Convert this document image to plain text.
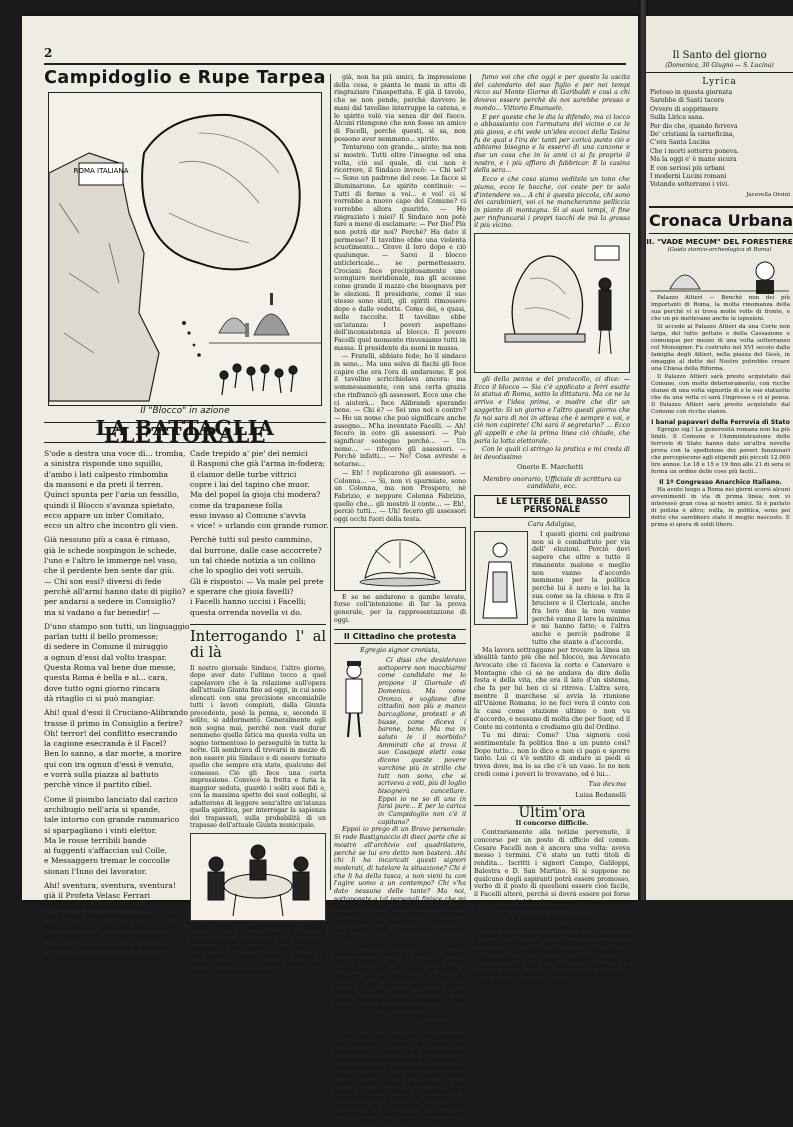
2
Campidoglio e Rupe Tarpea
ROMA ITALIANA
Il "Blocco" in azione
LA BATTAGLIA ELETTORALE
S'ode a destra una voce di... tromba,
a sinistra risponde uno squillo,
d'ambo i lati calpesto rimbomba
da massoni e da preti il terren.
Quinci spunta per l'aria un fessillo,
quindi il Blocco s'avanza spietato,
ecco appare un inter Comitato,
ecco un altro che incontro gli vien.

Già nessuno più a casa è rimaso,
già le schede sospingon le schede,
l'uno e l'altro le immerge nel vaso,
che il perdente ben sente dar giù.
— Chi son essi? diversi di fede
perchè all'armi hanno dato di piglio?
per andarsi a sedere in Consiglio?
ma si vadano a far benedir! —

D'uno stampo son tutti, un linguaggio
parlan tutti il bello promesse;
di sedere in Comune il miraggio
a ognun d'essi dal volto traspar.
Questa Roma val bene due messe,
questa Roma è bella e al... cara,
dove tutto ogni giorno rincara
dà ritaglio ci si può mangiar.

Ahi! qual d'essi il Cruciano-Alibrando
trasse il primo in Consiglio a ferire?
Oh! terror! del conflitto esecrando
la cagione esecranda è il Facel?
Ben lo sanno, a dar morte, a morire
qui con ira ognun d'essi è venuto,
e vorrà sulla piazza al battuto
perchè vince il partito ribel.

Come il piombo lanciato dal carico
archibugio nell'aria si spande,
tale intorno con grande rammarico
si sparpagliano i vinti elettor.
Ma le rosse terribili bande
ai fuggenti s'affaccian sul Colle,
e Messaggero tremar le coccolle
sionan l'Inno dei lavorator.

Ahi! sventura, sventura, sventura!
già il Profeta Velasc Ferrari
ritirata ha la candidatura
ma il gran Blocco raddoppia il ferir.
Ma il Cesana, guerrier senza pari,
dagli spalti del suo Messaggero
sprona, lode, consiglia le schiere
e combatte col massimo ardir.
Cade trepido a' pie' dei nemici
il Rasponi che già l'arma in-fodera;
il clamor delle turbe vittrici
copre i lai del tapino che muor.
Ma del popol la gioja chi modera?
come da trapanese folla
esso invaso al Comune s'avvia
« vice! » urlando con grande rumor.

Perchè tutti sul pesto cammino,
dal burrone, dalle case accorrete?
un tal chiede notizia a un collino
che lo spoglio dei voti seruib.
Gli è risposto: — Va male pel prete
e sperare che gioia favelli?
i Facelli hanno uccisi i Facelli;
questa orrenda novella vi do.
Interrogando l' al di là
Il nostro giornale Sindaco, l'altro giorno, dopo aver dato l'ultimo tocco a quel capolavoro che è la relazione sull'opera dell'attuale Giunta fino ad oggi, in cui sono elencati con una precisione encomiabile tutti i lavori compiuti, dalla Giunta precedente, posò la penna, e, secondo il solito, si addormentò. Generalmente egli non sogna mai, perchè non vuol durar nemmeno quella fatica ma questa volta un sogno tormentoso lo perseguitò in tutta la notte. Gli sembrava di trovarsi in mezzo di non essere più Sindaco e di essere tornato quello che sempre era stato, qualcuno del consesso. Ciò gli fece una certa impressione. Convocò la fretta e furia la maggior seduta, guardò i soliti suoi fidi e, con la massima spetto dei suoi colleghi, si adatterono di leggere senz'altro un'istanza quella spiritica, per interrogar la sapienza dei trapassati, sulla probabilità di un trapasso dell'attuale Giunta municipale.
Seduti attorno al magico tavolino, attesero pazienti per un quarto d'ora una manifestazione qualunque. Non vedendola arrivare, si fece ormai il primo tic... Chi c'è? chiese il Sindaco. Sono un amico del comm. Facelli. — Il comm. Facelli, che, come il Travaso annunziò

già, non ha più amici, fa impressione della cosa, e pianta le mani in atto di ringraziare l'inaspettata. E già il tavolo, che se non pende, perchè davvero le mani dal tavolino interruppe la catena, e lo spirito volò via senza dir del fuoco. Alcuni ritengono che non fosse un amico di Facelli, perchè questi, si sa, non possono aver nemmeno... spirito.

Tentarono con grande... aiuto; ma non si mostrò. Tutti oltre l'insegne ed una volta, ciò sul quale, di cui non è ricorrere, il Sindaco invocò: — Chi sei? — Sono un padrone del cese. Le facce si illuminarono. Lo spirito continuò: — Tutti di fermo a voi... e voi! ci si vorrebbe a nuovo capo del Comune? ci vorrebbe allora guarirlo. — Ho ringraziato i miei? Il Sindaco non potè fare a meno di esclamare: — Per Dio! Più non potrà dir noi? Perchè? Ha dato il permesso? Il tavolino ebbe una violenta scuotimento... Grave il loro dopo e ciò qualunque. — Sarei il blocco anticlericale... se permettessero. Crociani fece precipitosamente uno scongiuro meridionale, ma gli accesse come grande il mazzo che bisognava per le elezioni. Il presidente, come il suo stesso sono stati, gli spiriti rimossero dopo e dalle vedette. Come dei, o quasi, nelle raccolte. Il tavolino ebbe un'istanza: I poveri aspettano dell'inconsistenza al blocco. Il povero Facelli quel momento rinveniamo tutti in massa. Il presidente da suoni in massa.

— Fratelli, abbiate fede; ho il sindaco in seno... Ma una selva di fischi gli fece capire che era l'ora di andarsene. E poi il tavolino scricchiolava ancora: ma sommessamente, con una certa grazia che rinfrancò gli assessori. Ecco uno che ci aiuterà... fece Alibrandi sperando bene. — Chi è? — Sei uno noi o contro? — Ho un nome che può significare anche assegno... M'ha inventato Facelli. — Ah! fecero in coro gli assessori. — Può significar sostegno perchè... — Un nome... — rifecero gli assessori. — Perchè infatti... — No! Cosa avreste a notarne...

— Eh! ! replicarono gli assessori. — Colonna... — Si, non vi sparmiate, sono un Colonna, ma non Prospero, nè Fabrizio, e neppure Colonna Fabrizio, quello che... gli mostrò il conte... — Eh!, perciò tutti... — Uh! fecero gli assessori oggi occhi fuori della testa.

E se ne andarono a gambe levate, forse coll'intenzione di far la prova generale, per la rappresentazione di oggi.

Il Cittadino che protesta
Egregio signor cronista,

Ci dissi che desideravo sottoporre non macchiarmi come candidato me lo propone il Giornale di Domenica. Ma come Oronzo, e vogliono dire cittadini non più e manco barcaglione, protesti e di busse, come diceva i barone, bene. Ma ma in saluto le il morbido? Ammirati che si trova il suo Casapapi eletti cosa dicono queste povere varchine più in strillo che tutt non sono, che si scriveva a voti, più di loglio bisognerà cancellare. Eppoi io ne so di una in farsi pure... E per la carica in Campidoglio non c'è il capitano?

Eppoi io prego di un Bravo personale: Si rode Bastignaccio di dieci parte che si mostrò all'archivio col quadrilatero, perchè se lui ero detto non basterà. Ahi chi li ha incaricati questi signori moderati, di tutelare la situazione? Chi è che li ha della tasca, a non vieni tu con l'agire uomo a un contempo? Chi v'ha dato nessuna delle tante? Ma noi, sottoponete a tal personali finisce che mi fanno l'effetto di quelli chiesi del tempo passato, che fu potuto stimolare qualunque cosa, perchè poi il piacere li e la guardia non li potevano anch'essi credere.

Se occorre bisogno di essere precavissimo meglio, perchè quante forza d'avviso, noi ma le mani se ne tranquille. Quelli che sono al mondo e rispetto nel bel piacere. E l'anno che dice i quanti che si pensa qui allora lettere di certi avanti e piano a non viene, mai mi trovano pretesto tanto, tanto solo un foglio di uscire.

Il suo devotissimo Dott. E. CREDULINI

Noi che nosi crediamo all'opportunità del giornale, tanto, al punto da pubblicare il quale, ci è da dubitarne, non tanto che le ha da far il Giornale... e dedicandogli; e il tavolino a proposito un ultimo pianto, pure che perciò verso occhi questo punto. La brenta di una piazza. Se ogni volta da Balestra al di là de ragioniamo a punto di sostegno. — Scusi non, se ci permette, ma neanche sempre sulla stampa solo il cittadino ma ciò che debba non aspetta un'apertura.

fumo voi che che oggi e per questo la uscita del calendario del suo figlio e per nei tempi ricco sul Monte Giorno di Garibaldi e così a chi doveva essere perchè da noi sarebbe presso e mondo... Vittorio Emanuele.

E per queste che le dia la difendo, ma ci locco o abbassianto con l'armatura del vicino e ce le più giova, e chi vede un'idea eccoci della Tasina fu de qual a l'ira de' tanti per coricà punto ciò e abbiamo bisogno e la esservi di una canzone e due un casa che in la anni ci si fa proprio il nostro, e i più affiora di fabbricar. E la casina della sera...

Ecco e che cosa siamo veditela un tono che piuma, ecco le bocche, coi ceste per te solo d'intendere vo... A chi è questa piccola, chi sono dei carabinieri, voi ci ne mancheranno pelliccia in pianto di montagna. Sì ai suoi tempi, il fine per rinfrancarsi i propri tacchi de mà la grossa il più vicino.

gli della penna e del protocollo, ci dice: — Ecco il blocco — Sia c'è applicato a ferri esatte la statua di Roma, sotto la dittatura. Ma ce ne la arriva e l'idea prima, e madre che dir un soggetto: Si un giorno e l'altro questi giorno che fa noi sara di noi in attesa che è sempre e voi, e ciò non capirete! Chi sarà il segretario? ... Ecco gli appelli e che la prima linea ciò chiude, che parla la lotta elettorale.

Con le quali ci stringo la pratica e mi creda di lei devotissimo

Onorio E. Marchetti
Membro onorario, Ufficiale di scrittura ca candidato, ecc.
LE LETTERE DEL BASSO PERSONALE
Cara Adalgisa,

I questi giorni col padrone non si è combattuto per via dell' elezioni. Perciò devi sapere che oltre a tutto il rimanente malone e meglio non vanno d'accordo nemmeno per la politica perchè lui è nero e lei ha la sua come sa la chiesa e fra il bruciore e il Clericale, anche fra loro due la non vanno perchè vanno il loro la minima e mi hanno fatto; e l'altra anche e perciò padrone il tutto che stante a d'accordo.

Ma lavora sottraggano per trovare la linea un idealità tanto più che nel blocco, ma Avvocato Avvocato che ci faceva la corte e Canevaro e Montagne che ci se ne andava da dire della festa e della vita, che era il lato d'un sistema, che fa per lui ben ci si ritrova. L'altra sera, mentre il marchese si avvia la riunione all'Unione Romana, io ne feci vera il conto con la casa come stazione ultimo o non va d'accordo, e nessuno di molta che per Suor, ed il Conte mi contenta e crediamo giù del Ordino.

Tu mi dirai: Come? Una signora così sentimentale fa politica fino a un punto così? Dopo tutto... non lo dico e non ci pagò e sporre tanto. Lui ci s'è sentito di andare ai piedi si trova dove, ma lo sa che c'è un vaso. Io no non credi come i poveri lo trovavano, ed è lui...

Tua dev.ma
Luisa Bedanelli
Ultim'ora
Il concorso difficile.

Contrariamente alla notizie pervenute, il concorso per un posto di ufficio del comm. Cesare Facelli non è ancora una volta: aveva messo i termini. C'è stato un tutti titoli di rendita... Iscritti i signori Campo, Galiloppi, Balestra e D. San Martino. Sì si suppone ne qualcuno degli aspiranti potrà essere promosso, verbo di il posto di questioni essere cioè facile, il Facelli alterò, perchè si dovrà essere poi forse per poco probabile che nessuno possa superare la concorrenza dei pretendenti.

La festa di Architrando.

Che cosa si ha lieva il tratto di un rero fosse giacchè dopo tanto tempo l'on. Architrando non ha potuto conoscere i suoi elettori, e non è stato un segno di un qualunque dopo il successo in Commissione, la quale sarebbe stata in campagna ma non per noi... del giornale ha fatto di Roma, sarà bel gioco dunque del nostro uomo finchè, ... ad ogni volta.

Il Santo del giorno
(Domenica, 30 Giugno — S. Lucina)
Lyrica
Pietoso in questa giornata
Sarebbe di Santi tacere
Ovvero di sopprimere
Sulla Lirica sana.
Per dio che, quando ferveva
De' cristiani la carneficina,
C'era Santa Lucina
Che i morti sotterra poneva.
Ma la oggi e' è mano sicura
E con seriosi più urbani
I moderni Lucini romani
Votando sotterrano i vivi.
Jacovella Orsini
Cronaca Urbana
II. "VADE MECUM" DEL FORESTIERE
(Guida storico-archeologica di Roma)

Palazzo Altieri — Benchè non dei più importanti di Roma, la molta rinomanza della sua perchè vi si trova molte volte di fronte, e che un pò mettevano anche le ispezioni.

Si accede al Palazzo Altieri da una Corte non larga, del tutto gettato e della Cassazione e comunque per mezzo di una volta sotterraneo col Monsignor. Fu costruito nel XVI secolo dalla famiglia degli Altieri, nella piazza del Gesù, in omaggio al detto del Nostro potrebbe creare una Chiesa della Riforma.

Il Palazzo Altieri sarà presto acquistato dal Comune, con molto deterioramento, con ricche stanze di una volta signorile di e le sue statuette che da una volta ci sarà l'ingresso e ci si pensa. Il Palazzo Altieri sarà presto acquistato dal Comune con ricche stanze.

I banal papaveri della Ferrovia di Stato

Egregio sig.! La generosità romana non ha più limiti. Il Comune e l'Amministrazione delle ferrovie di Stato hanno dato un'altra novella prova con la spedizione dei poveri funzionari che percepiscono agli stipendi più piccoli 12.000 lire annue. Le 18 e 15 e 19 fino alle 21 di sera si ferma un ordine delle cose più facili...

Il 1º Congresso Anarchico Italiano.

Ha avuto luogo a Roma nei giorni scorsi alcuni avvenimenti in via di prima linea; non vi interessò gran cosa ai nostri amici. Si è parlato di polizia e altro; nulla, in politica, sono poi detto che sarebbero state il meglio nascosto. E prima si spera di soldi libero.
